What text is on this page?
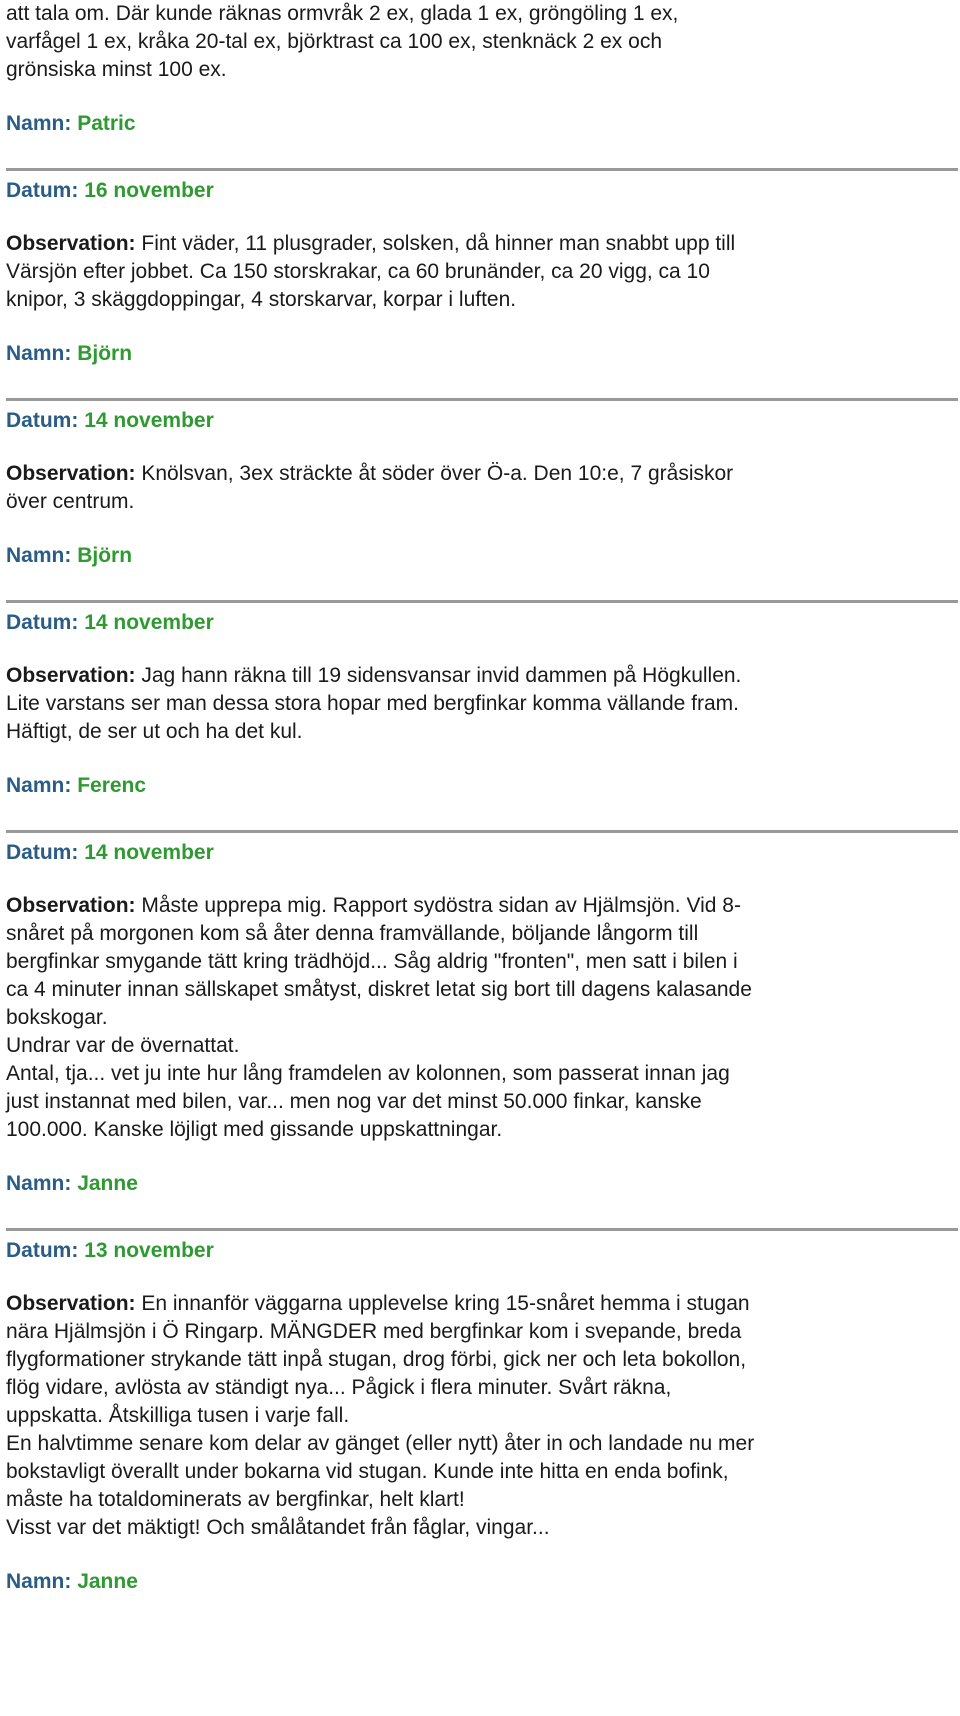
att tala om. Där kunde räknas ormvråk 2 ex, glada 1 ex, gröngöling 1 ex,

varfågel 1 ex, kråka 20-tal ex, björktrast ca 100 ex, stenknäck 2 ex och

grönsiska minst 100 ex.

Namn: Patric
Datum: 16 november

Observation: Fint väder, 11 plusgrader, solsken, då hinner man snabbt upp till

Värsjön efter jobbet. Ca 150 storskrakar, ca 60 brunänder, ca 20 vigg, ca 10

knipor, 3 skäggdoppingar, 4 storskarvar, korpar i luften.

Namn: Björn
Datum: 14 november

Observation: Knölsvan, 3ex sträckte åt söder över Ö-a. Den 10:e, 7 gråsiskor

över centrum.

Namn: Björn
Datum: 14 november

Observation: Jag hann räkna till 19 sidensvansar invid dammen på Högkullen.

Lite varstans ser man dessa stora hopar med bergfinkar komma vällande fram.

Häftigt, de ser ut och ha det kul.

Namn: Ferenc
Datum: 14 november

Observation: Måste upprepa mig. Rapport sydöstra sidan av Hjälmsjön. Vid 8-

snåret på morgonen kom så åter denna framvällande, böljande långorm till

bergfinkar smygande tätt kring trädhöjd... Såg aldrig "fronten", men satt i bilen i

ca 4 minuter innan sällskapet småtyst, diskret letat sig bort till dagens kalasande

bokskogar.

Undrar var de övernattat.

Antal, tja... vet ju inte hur lång framdelen av kolonnen, som passerat innan jag

just instannat med bilen, var... men nog var det minst 50.000 finkar, kanske

100.000. Kanske löjligt med gissande uppskattningar.

Namn: Janne
Datum: 13 november

Observation: En innanför väggarna upplevelse kring 15-snåret hemma i stugan

nära Hjälmsjön i Ö Ringarp. MÄNGDER med bergfinkar kom i svepande, breda

flygformationer strykande tätt inpå stugan, drog förbi, gick ner och leta bokollon,

flög vidare, avlösta av ständigt nya... Pågick i flera minuter. Svårt räkna,

uppskatta. Åtskilliga tusen i varje fall.

En halvtimme senare kom delar av gänget (eller nytt) åter in och landade nu mer

bokstavligt överallt under bokarna vid stugan. Kunde inte hitta en enda bofink,

måste ha totaldominerats av bergfinkar, helt klart!

Visst var det mäktigt! Och smålåtandet från fåglar, vingar...

Namn: Janne
